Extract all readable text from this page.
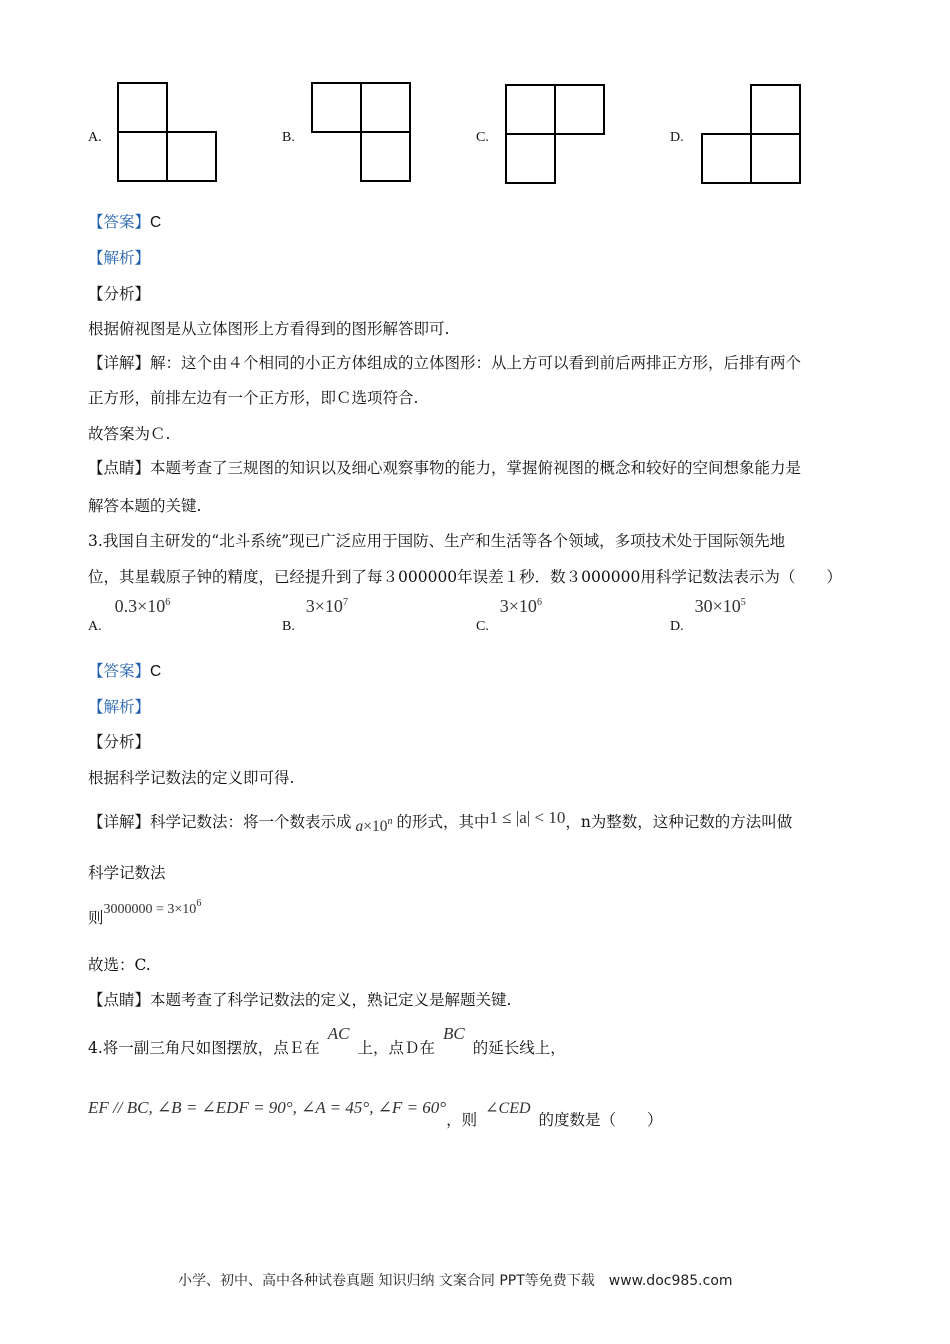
A.	B.	C.	D.
【答案】C
【解析】
【分析】
根据俯视图是从立体图形上方看得到的图形解答即可.
【详解】解：这个由４个相同的小正方体组成的立体图形：从上方可以看到前后两排正方形，后排有两个
正方形，前排左边有一个正方形，即Ｃ选项符合.
故答案为Ｃ.
【点睛】本题考查了三规图的知识以及细心观察事物的能力，掌握俯视图的概念和较好的空间想象能力是
解答本题的关键.
3.我国自主研发的“北斗系统”现已广泛应用于国防、生产和生活等各个领域，多项技术处于国际领先地
位，其星载原子钟的精度，已经提升到了每３000000年误差１秒．数３000000用科学记数法表示为（　　）
A. $0.3\times 10^6$
B. $3\times 10^7$
C. $3\times 10^6$
D. $30\times 10^5$
【答案】C
【解析】
【分析】
根据科学记数法的定义即可得.
【详解】科学记数法：将一个数表示成 $a\times 10^n$ 的形式，其中1 ≤ |a| < 10，n为整数，这种记数的方法叫做
科学记数法
则$3000000 = 3\times 10^6$
故选：C.
【点睛】本题考查了科学记数法的定义，熟记定义是解题关键.
4.将一副三角尺如图摆放，点Ｅ在AC上，点Ｄ在BC的延长线上，
EF // BC, ∠B = ∠EDF = 90°, ∠A = 45°, ∠F = 60°，则∠CED的度数是（　　）
小学、初中、高中各种试卷真题 知识归纳 文案合同 PPT等免费下载　www.doc985.com
